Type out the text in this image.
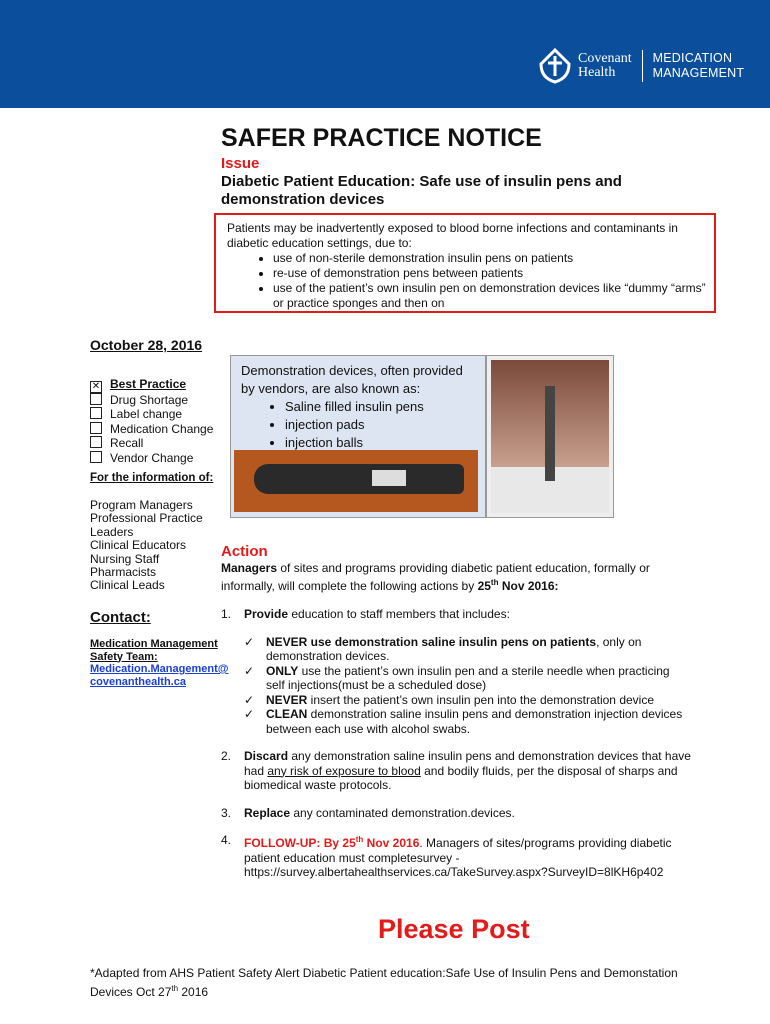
Covenant
Health
MEDICATION
MANAGEMENT
SAFER PRACTICE NOTICE
Issue
Diabetic Patient Education: Safe use of insulin pens and demonstration devices
Patients may be inadvertently exposed to blood borne infections and contaminants in diabetic education settings, due to:
• use of non-sterile demonstration insulin pens on patients
• re-use of demonstration pens between patients
• use of the patient’s own insulin pen on demonstration devices like “dummy “arms” or practice sponges and then on
October 28, 2016
✕ Best Practice
Drug Shortage
Label change
Medication Change
Recall
Vendor Change
For the information of:
Program Managers
Professional Practice
Leaders
Clinical Educators
Nursing Staff
Pharmacists
Clinical Leads
Contact:
Medication Management
Safety Team:
Medication.Management@
covenanthealth.ca
Demonstration devices, often provided by vendors, are also known as:
• Saline filled insulin pens
• injection pads
• injection balls
Action
Managers of sites and programs providing diabetic patient education, formally or informally, will complete the following actions by 25th Nov 2016:
1.	Provide education to staff members that includes:
✓ NEVER use demonstration saline insulin pens on patients, only on demonstration devices.
✓ ONLY use the patient’s own insulin pen and a sterile needle when practicing self injections(must be a scheduled dose)
✓ NEVER insert the patient’s own insulin pen into the demonstration device
✓ CLEAN demonstration saline insulin pens and demonstration injection devices between each use with alcohol swabs.
2.	Discard any demonstration saline insulin pens and demonstration devices that have had any risk of exposure to blood and bodily fluids, per the disposal of sharps and biomedical waste protocols.
3.	Replace any contaminated demonstration.devices.
4.	FOLLOW-UP: By 25th Nov 2016. Managers of sites/programs providing diabetic patient education must completesurvey - https://survey.albertahealthservices.ca/TakeSurvey.aspx?SurveyID=8lKH6p402
Please Post
*Adapted from AHS Patient Safety Alert Diabetic Patient education:Safe Use of Insulin Pens and Demonstation Devices Oct 27th 2016
